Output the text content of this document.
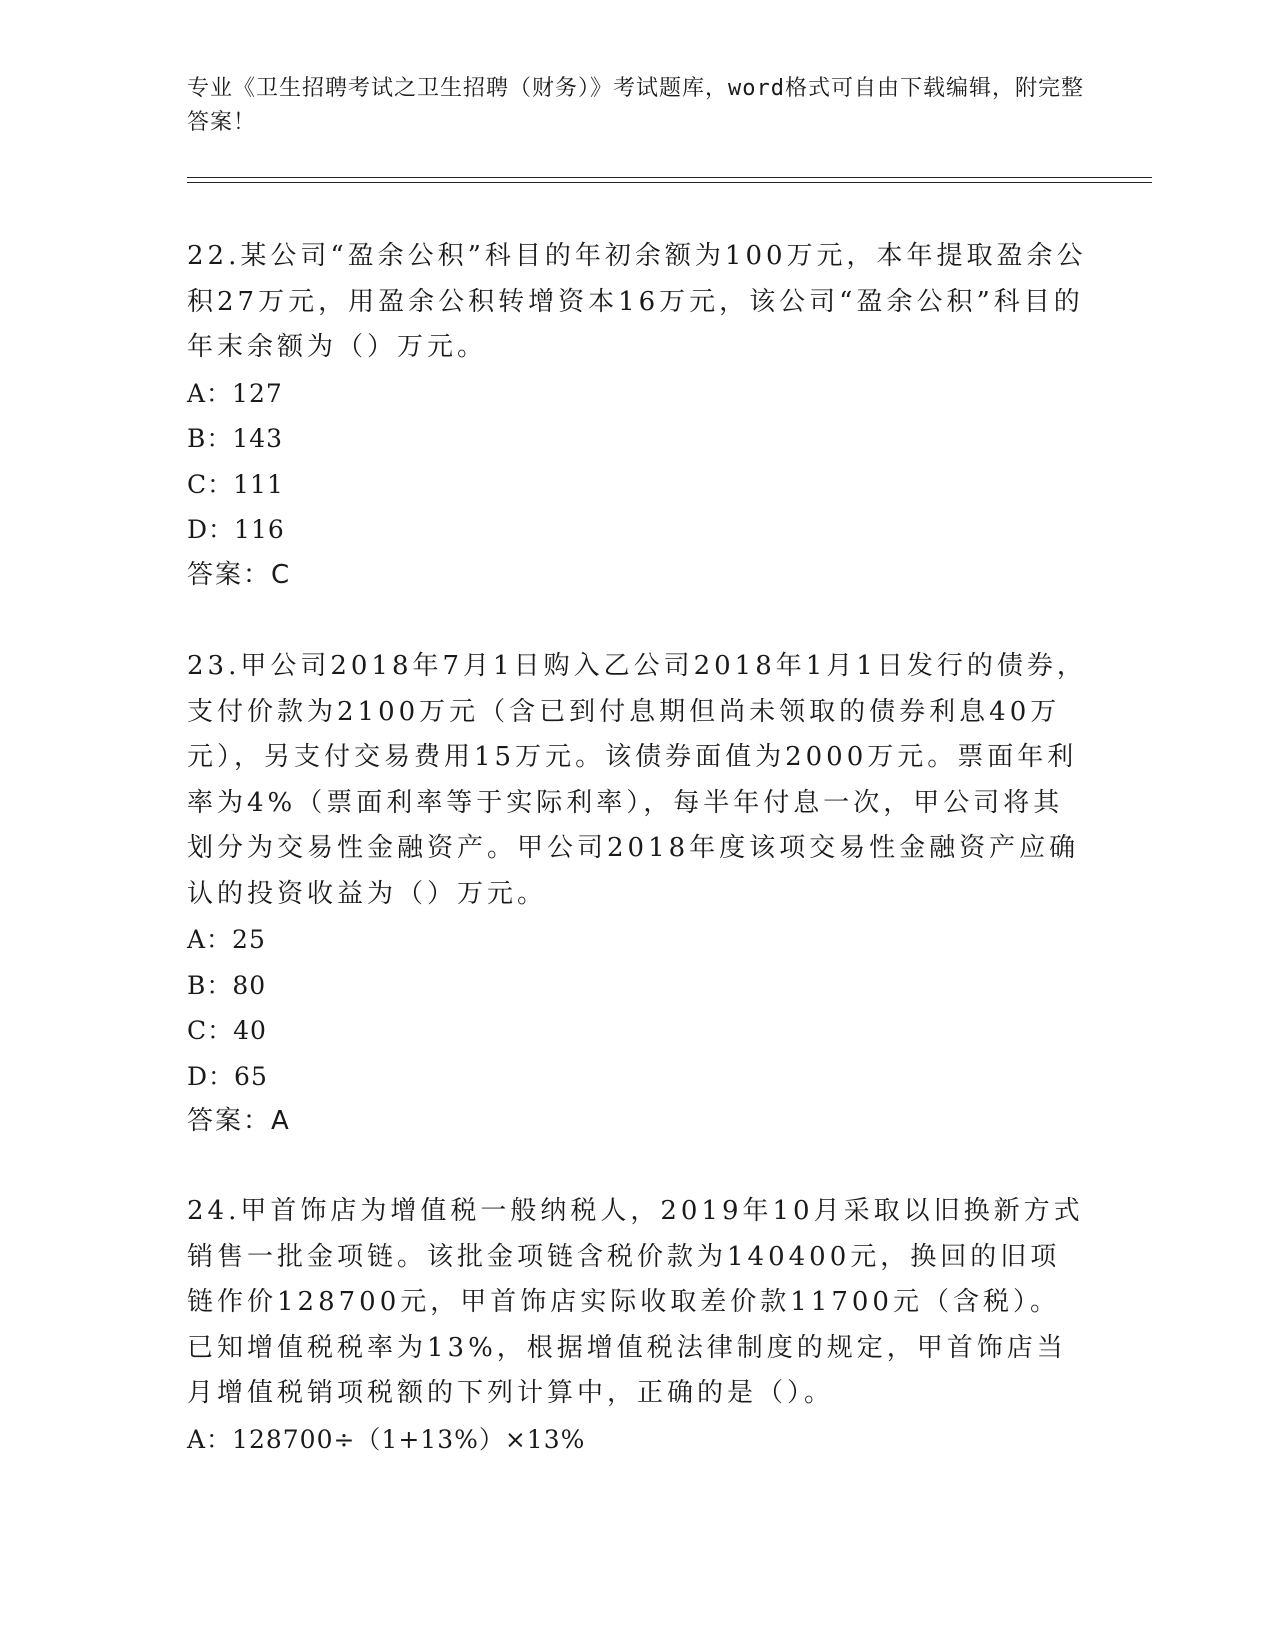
专业《卫生招聘考试之卫生招聘（财务）》考试题库，word格式可自由下载编辑，附完整答案！

22.某公司“盈余公积”科目的年初余额为100万元，本年提取盈余公积27万元，用盈余公积转增资本16万元，该公司“盈余公积”科目的年末余额为（）万元。

A：127
B：143
C：111
D：116
答案：C

23.甲公司2018年7月1日购入乙公司2018年1月1日发行的债券，支付价款为2100万元（含已到付息期但尚未领取的债券利息40万元），另支付交易费用15万元。该债券面值为2000万元。票面年利率为4%（票面利率等于实际利率），每半年付息一次，甲公司将其划分为交易性金融资产。甲公司2018年度该项交易性金融资产应确认的投资收益为（）万元。

A：25
B：80
C：40
D：65
答案：A

24.甲首饰店为增值税一般纳税人，2019年10月采取以旧换新方式销售一批金项链。该批金项链含税价款为140400元，换回的旧项链作价128700元，甲首饰店实际收取差价款11700元（含税）。已知增值税税率为13%，根据增值税法律制度的规定，甲首饰店当月增值税销项税额的下列计算中，正确的是（）。

A：128700÷（1+13%）×13%
